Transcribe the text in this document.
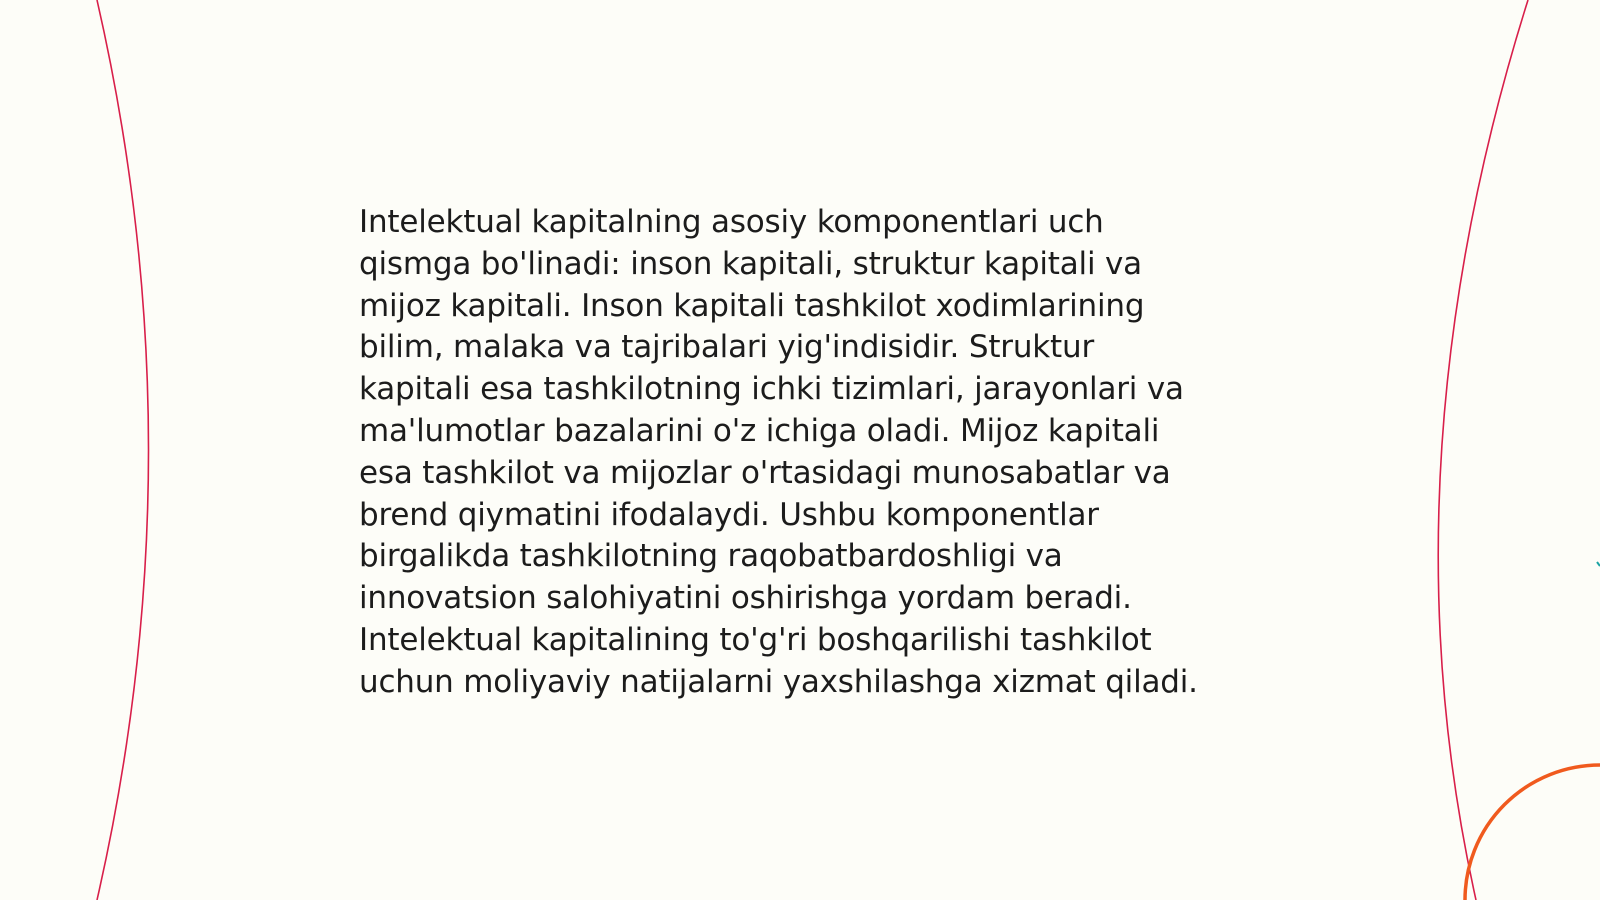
Intelektual kapitalning asosiy komponentlari uch
qismga bo'linadi: inson kapitali, struktur kapitali va
mijoz kapitali. Inson kapitali tashkilot xodimlarining
bilim, malaka va tajribalari yig'indisidir. Struktur
kapitali esa tashkilotning ichki tizimlari, jarayonlari va
ma'lumotlar bazalarini o'z ichiga oladi. Mijoz kapitali
esa tashkilot va mijozlar o'rtasidagi munosabatlar va
brend qiymatini ifodalaydi. Ushbu komponentlar
birgalikda tashkilotning raqobatbardoshligi va
innovatsion salohiyatini oshirishga yordam beradi.
Intelektual kapitalining to'g'ri boshqarilishi tashkilot
uchun moliyaviy natijalarni yaxshilashga xizmat qiladi.
